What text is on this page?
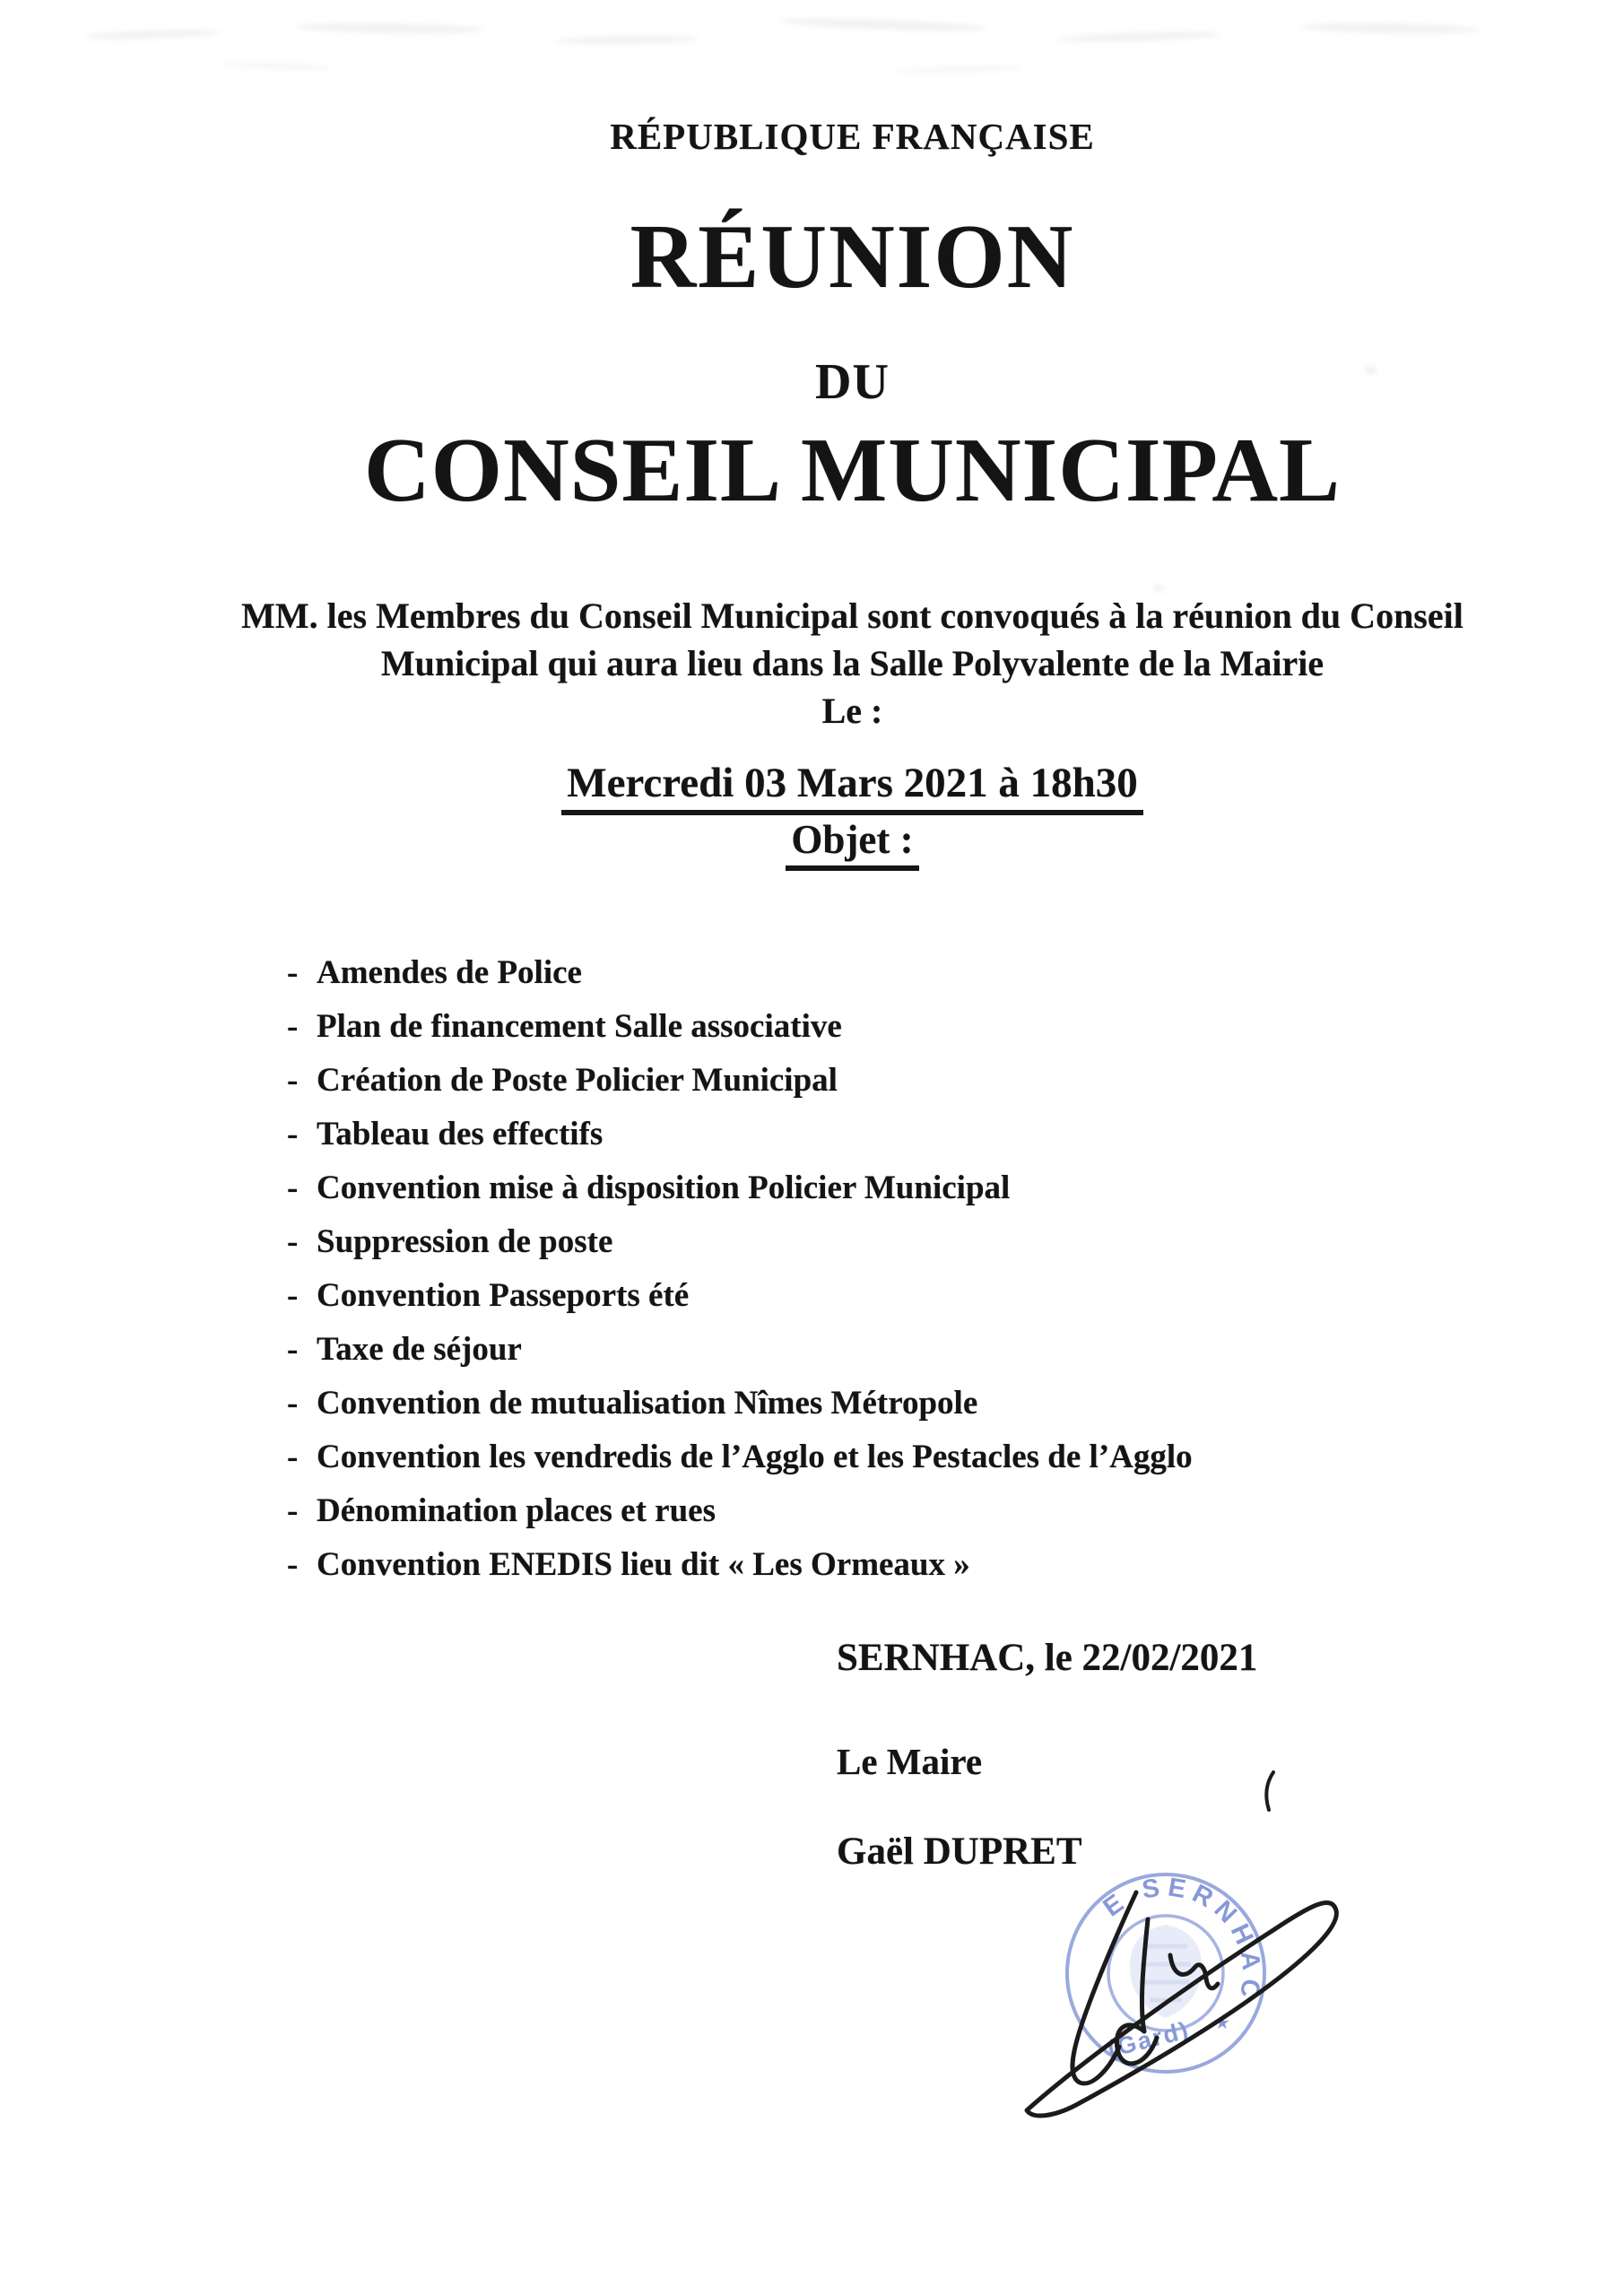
RÉPUBLIQUE FRANÇAISE
RÉUNION
DU
CONSEIL MUNICIPAL
MM. les Membres du Conseil Municipal sont convoqués à la réunion du Conseil
Municipal qui aura lieu dans la Salle Polyvalente de la Mairie
Le :
Mercredi 03 Mars 2021 à 18h30
Objet :
- Amendes de Police
- Plan de financement Salle associative
- Création de Poste Policier Municipal
- Tableau des effectifs
- Convention mise à disposition Policier Municipal
- Suppression de poste
- Convention Passeports été
- Taxe de séjour
- Convention de mutualisation Nîmes Métropole
- Convention les vendredis de l’Agglo et les Pestacles de l’Agglo
- Dénomination places et rues
- Convention ENEDIS lieu dit « Les Ormeaux »
SERNHAC, le 22/02/2021
Le Maire
Gaël DUPRET
E SERNHAC
★
(Gard)
